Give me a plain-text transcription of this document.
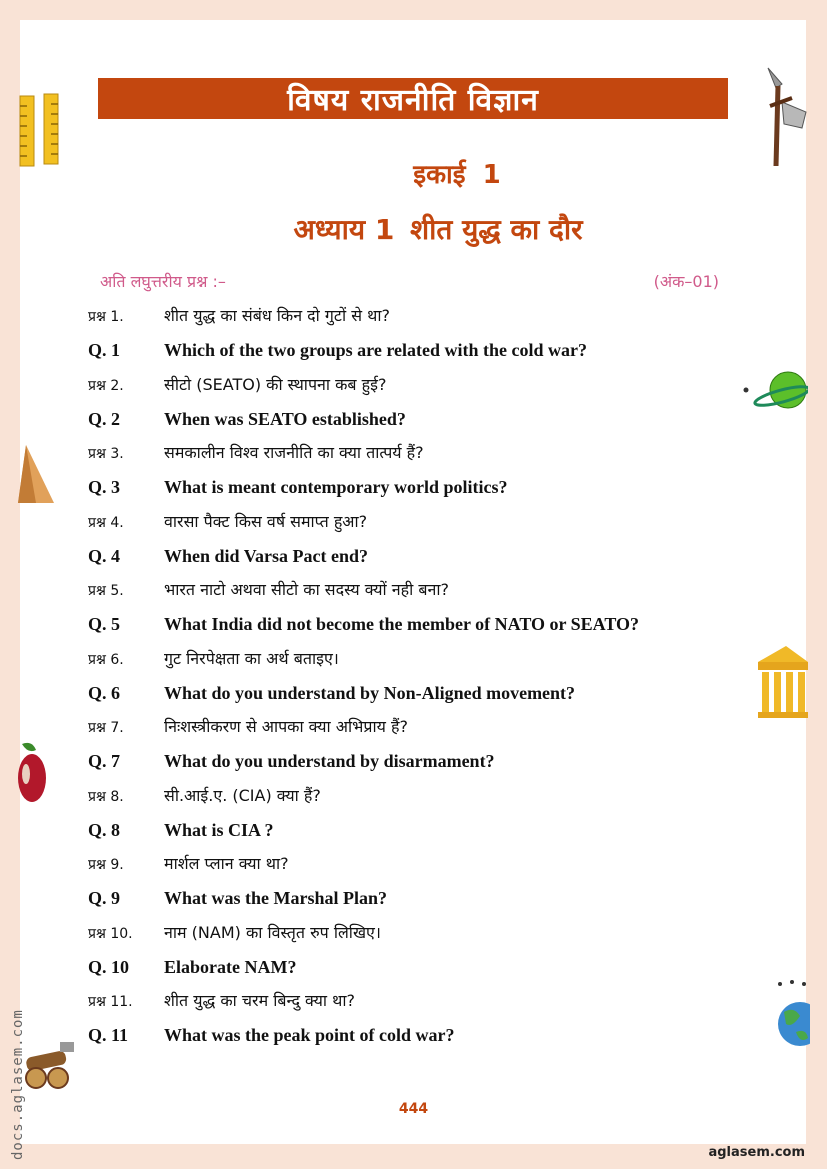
विषय राजनीति विज्ञान
इकाई 1
अध्याय 1 शीत युद्ध का दौर
अति लघुत्तरीय प्रश्न :–	(अंक–01)
प्रश्न 1.	शीत युद्ध का संबंध किन दो गुटों से था?
Q. 1	Which of the two groups are related with the cold war?
प्रश्न 2.	सीटो (SEATO) की स्थापना कब हुई?
Q. 2	When was SEATO established?
प्रश्न 3.	समकालीन विश्व राजनीति का क्या तात्पर्य हैं?
Q. 3	What is meant contemporary world politics?
प्रश्न 4.	वारसा पैक्ट किस वर्ष समाप्त हुआ?
Q. 4	When did Varsa Pact end?
प्रश्न 5.	भारत नाटो अथवा सीटो का सदस्य क्यों नही बना?
Q. 5	What India did not become the member of NATO or SEATO?
प्रश्न 6.	गुट निरपेक्षता का अर्थ बताइए।
Q. 6	What do you understand by Non-Aligned movement?
प्रश्न 7.	निःशस्त्रीकरण से आपका क्या अभिप्राय हैं?
Q. 7	What do you understand by disarmament?
प्रश्न 8.	सी.आई.ए. (CIA) क्या हैं?
Q. 8	What is CIA ?
प्रश्न 9.	मार्शल प्लान क्या था?
Q. 9	What was the Marshal Plan?
प्रश्न 10.	नाम (NAM) का विस्तृत रुप लिखिए।
Q. 10	Elaborate NAM?
प्रश्न 11.	शीत युद्ध का चरम बिन्दु क्या था?
Q. 11	What was the peak point of cold war?
444
aglasem.com
docs.aglasem.com
